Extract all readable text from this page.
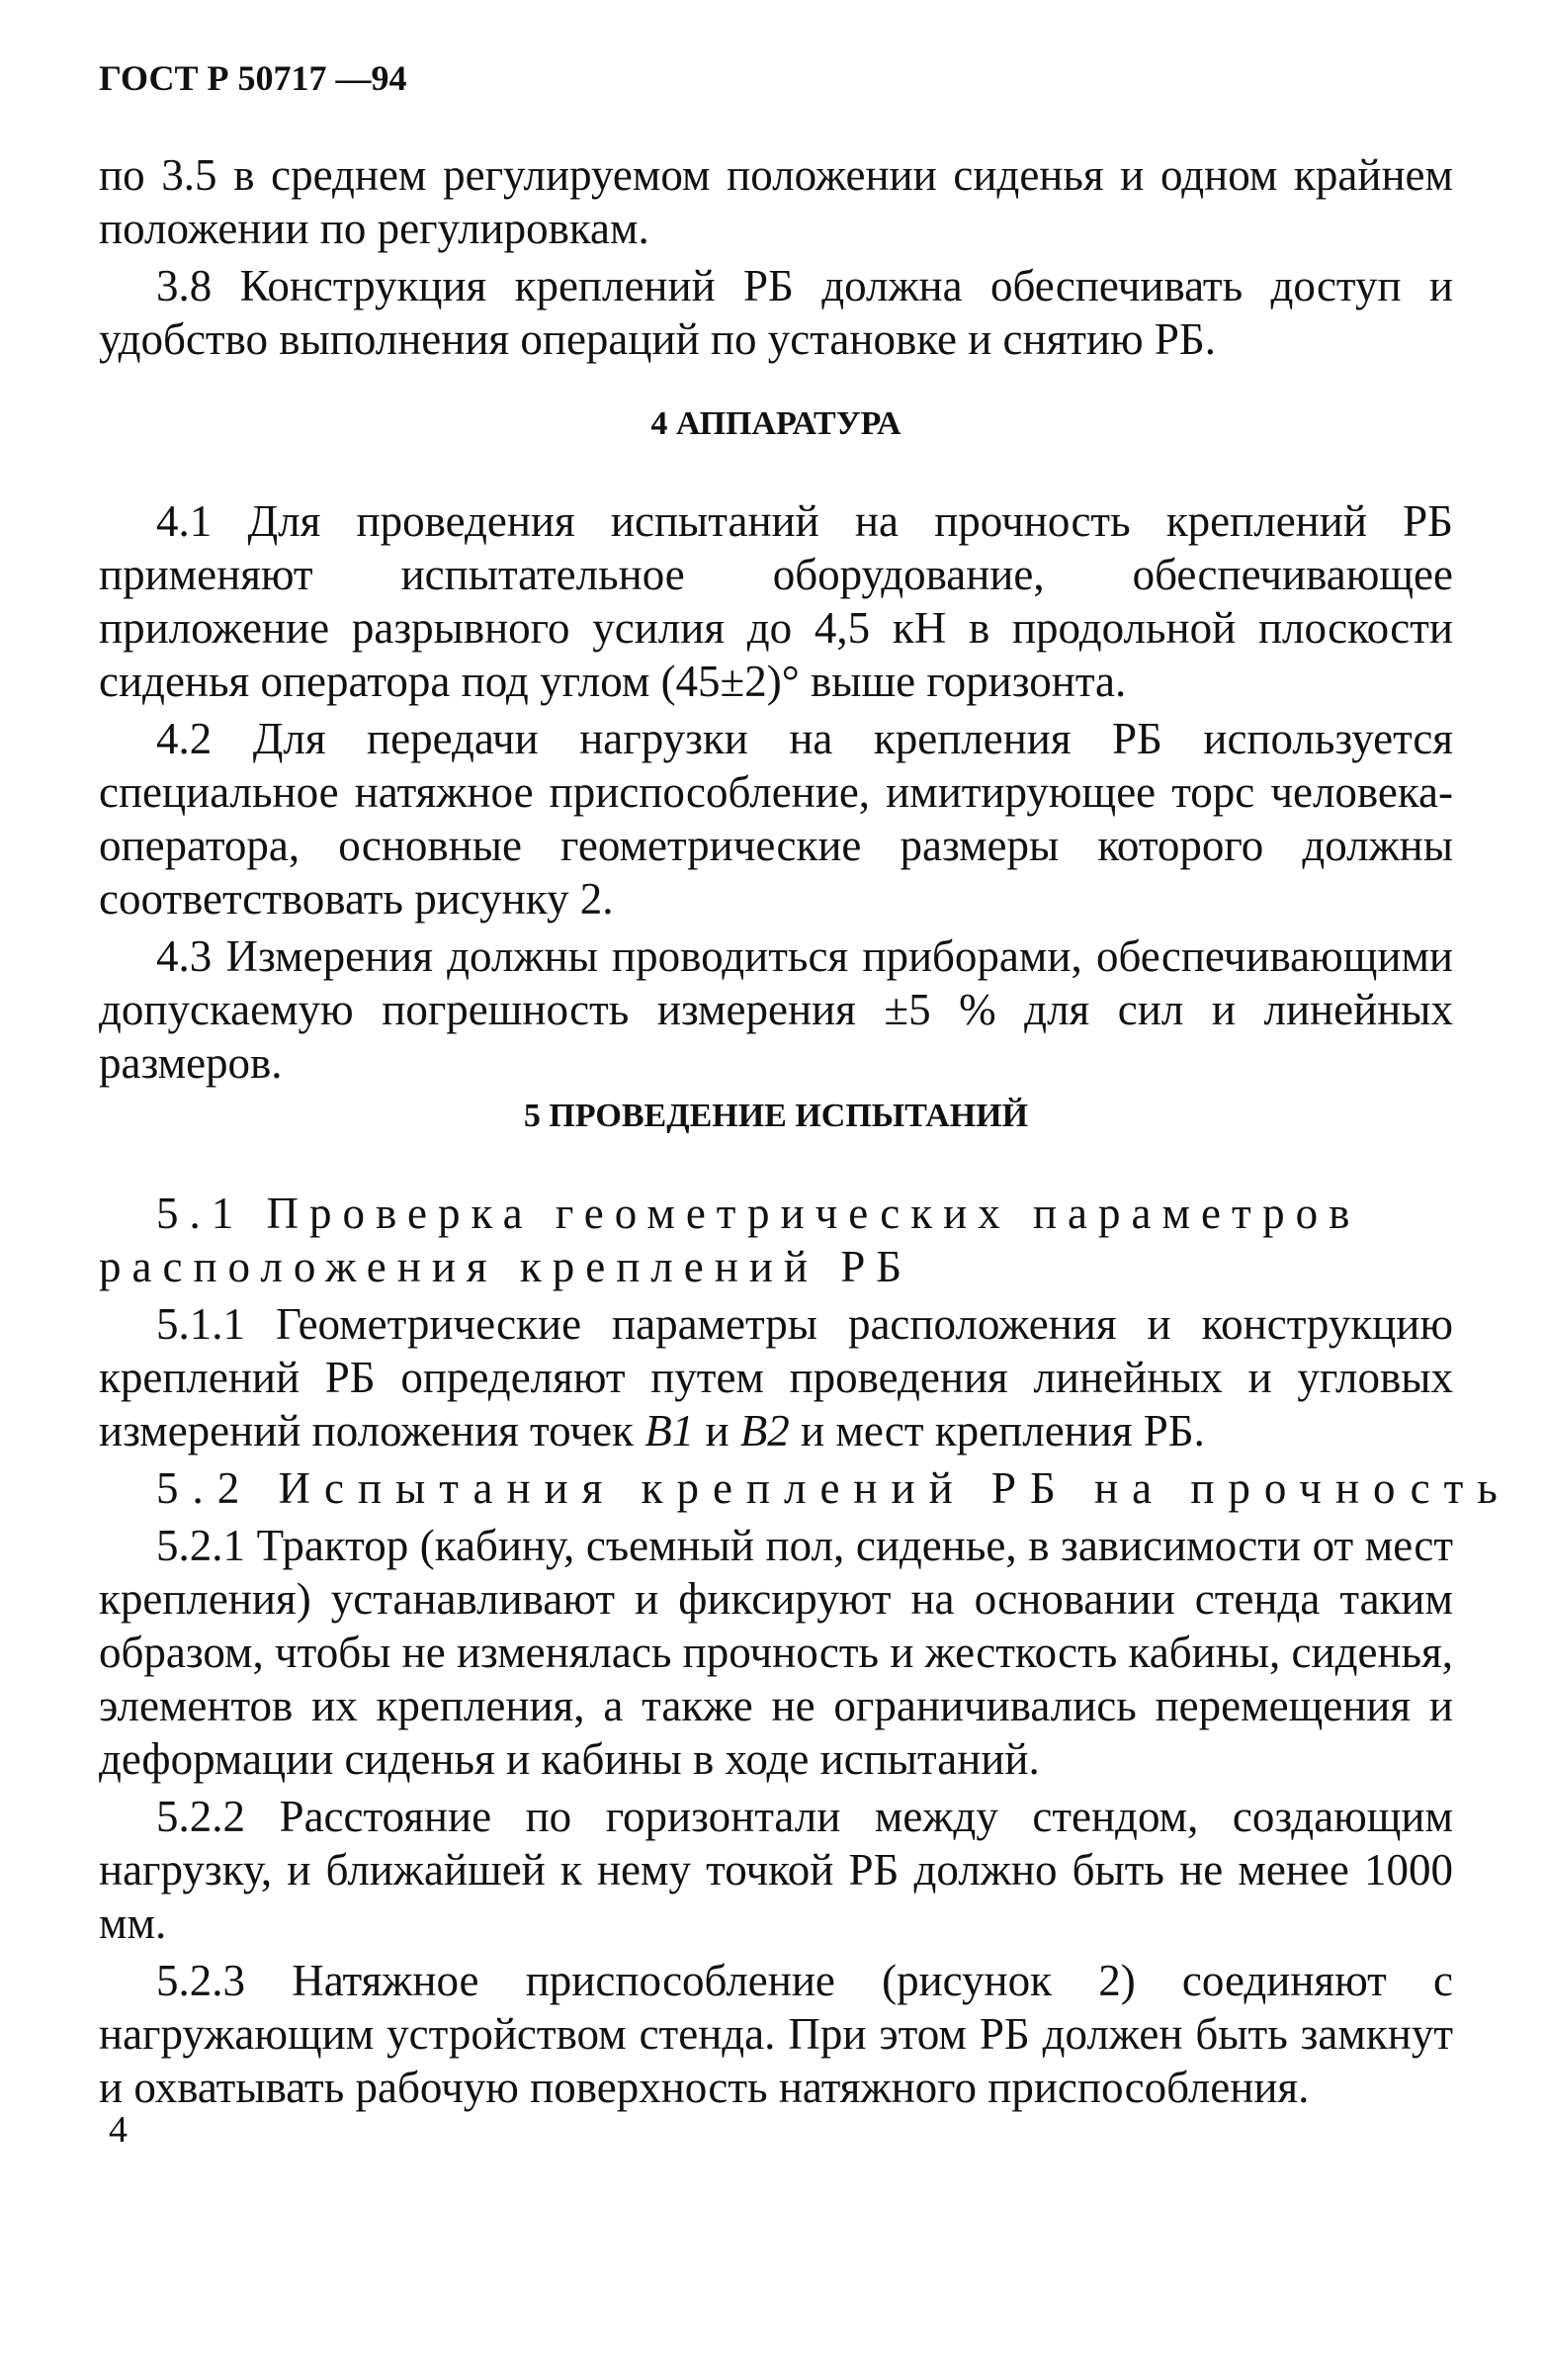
ГОСТ Р 50717 —94

по 3.5 в среднем регулируемом положении сиденья и одном крайнем положении по регулировкам.

3.8 Конструкция креплений РБ должна обеспечивать доступ и удобство выполнения операций по установке и снятию РБ.

4 АППАРАТУРА

4.1 Для проведения испытаний на прочность креплений РБ применяют испытательное оборудование, обеспечивающее приложение разрывного усилия до 4,5 кН в продольной плоскости сиденья оператора под углом (45±2)° выше горизонта.

4.2 Для передачи нагрузки на крепления РБ используется специальное натяжное приспособление, имитирующее торс человека-оператора, основные геометрические размеры которого должны соответствовать рисунку 2.

4.3 Измерения должны проводиться приборами, обеспечивающими допускаемую погрешность измерения ±5 % для сил и линейных размеров.

5 ПРОВЕДЕНИЕ ИСПЫТАНИЙ

5.1 Проверка геометрических параметров расположения креплений РБ

5.1.1 Геометрические параметры расположения и конструкцию креплений РБ определяют путем проведения линейных и угловых измерений положения точек В1 и В2 и мест крепления РБ.

5.2 Испытания креплений РБ на прочность

5.2.1 Трактор (кабину, съемный пол, сиденье, в зависимости от мест крепления) устанавливают и фиксируют на основании стенда таким образом, чтобы не изменялась прочность и жесткость кабины, сиденья, элементов их крепления, а также не ограничивались перемещения и деформации сиденья и кабины в ходе испытаний.

5.2.2 Расстояние по горизонтали между стендом, создающим нагрузку, и ближайшей к нему точкой РБ должно быть не менее 1000 мм.

5.2.3 Натяжное приспособление (рисунок 2) соединяют с нагружающим устройством стенда. При этом РБ должен быть замкнут и охватывать рабочую поверхность натяжного приспособления.

4
